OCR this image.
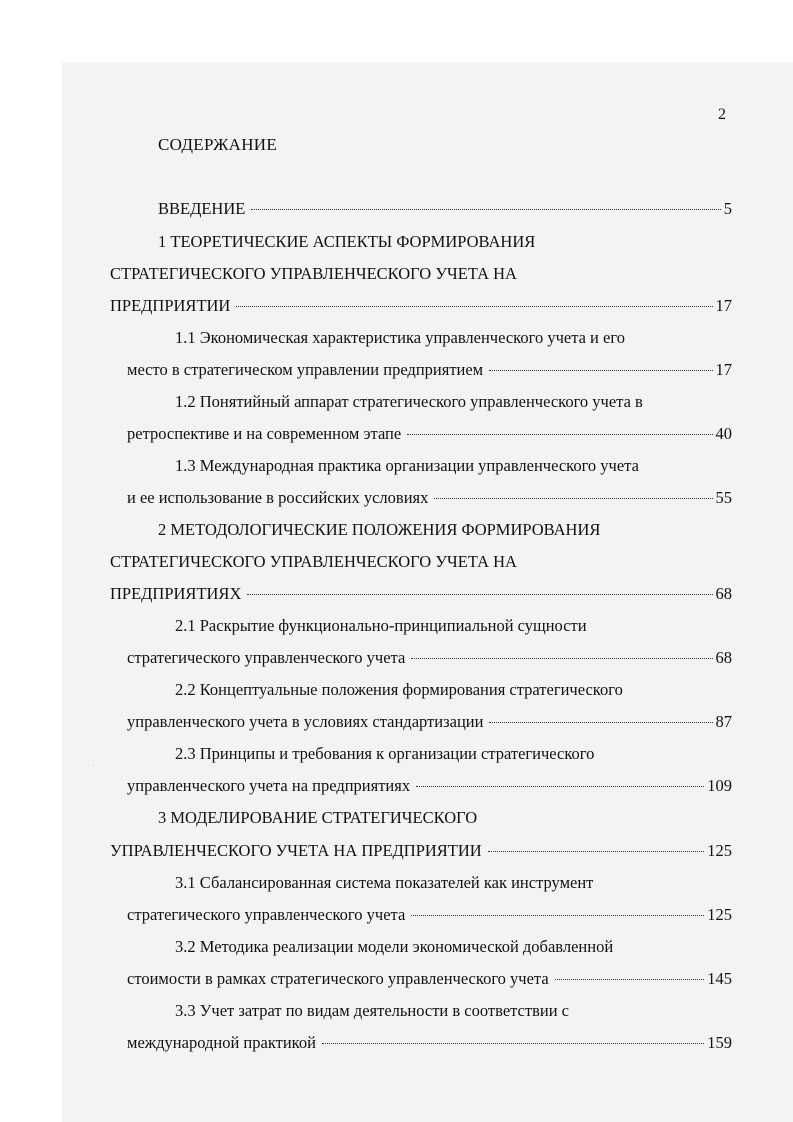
2
СОДЕРЖАНИЕ
ВВЕДЕНИЕ	5
1 ТЕОРЕТИЧЕСКИЕ АСПЕКТЫ ФОРМИРОВАНИЯ
СТРАТЕГИЧЕСКОГО УПРАВЛЕНЧЕСКОГО УЧЕТА НА
ПРЕДПРИЯТИИ	17
1.1 Экономическая характеристика управленческого учета и его
место в стратегическом управлении предприятием	17
1.2 Понятийный аппарат стратегического управленческого учета в
ретроспективе и на современном этапе	40
1.3 Международная практика организации управленческого учета
и ее использование в российских условиях	55
2 МЕТОДОЛОГИЧЕСКИЕ ПОЛОЖЕНИЯ ФОРМИРОВАНИЯ
СТРАТЕГИЧЕСКОГО УПРАВЛЕНЧЕСКОГО УЧЕТА НА
ПРЕДПРИЯТИЯХ	68
2.1 Раскрытие функционально-принципиальной сущности
стратегического управленческого учета	68
2.2 Концептуальные положения формирования стратегического
управленческого учета в условиях стандартизации	87
2.3 Принципы и требования к организации стратегического
управленческого учета на предприятиях	109
3 МОДЕЛИРОВАНИЕ СТРАТЕГИЧЕСКОГО
УПРАВЛЕНЧЕСКОГО УЧЕТА НА ПРЕДПРИЯТИИ	125
3.1 Сбалансированная система показателей как инструмент
стратегического управленческого учета	125
3.2 Методика реализации модели экономической добавленной
стоимости в рамках стратегического управленческого учета	145
3.3 Учет затрат по видам деятельности в соответствии с
международной практикой	159
